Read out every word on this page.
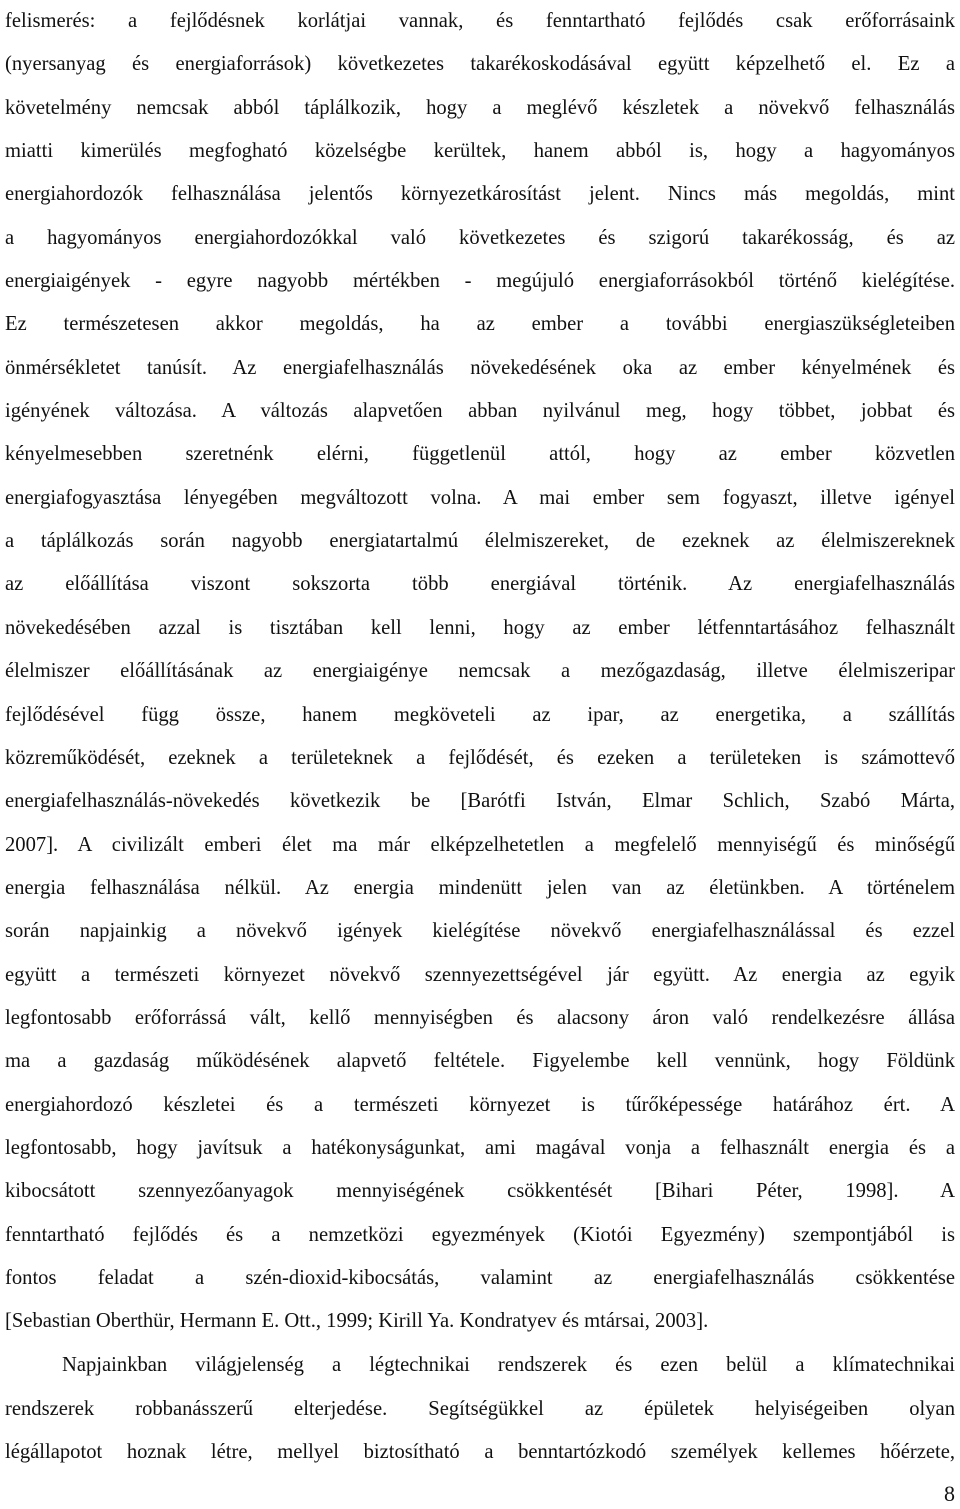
felismerés: a fejlődésnek korlátjai vannak, és fenntartható fejlődés csak erőforrásaink
(nyersanyag és energiaforrások) következetes takarékoskodásával együtt képzelhető el. Ez a
követelmény nemcsak abból táplálkozik, hogy a meglévő készletek a növekvő felhasználás
miatti kimerülés megfogható közelségbe kerültek, hanem abból is, hogy a hagyományos
energiahordozók felhasználása jelentős környezetkárosítást jelent. Nincs más megoldás, mint
a hagyományos energiahordozókkal való következetes és szigorú takarékosság, és az
energiaigények - egyre nagyobb mértékben - megújuló energiaforrásokból történő kielégítése.
Ez természetesen akkor megoldás, ha az ember a további energiaszükségleteiben
önmérsékletet tanúsít. Az energiafelhasználás növekedésének oka az ember kényelmének és
igényének változása. A változás alapvetően abban nyilvánul meg, hogy többet, jobbat és
kényelmesebben szeretnénk elérni, függetlenül attól, hogy az ember közvetlen
energiafogyasztása lényegében megváltozott volna. A mai ember sem fogyaszt, illetve igényel
a táplálkozás során nagyobb energiatartalmú élelmiszereket, de ezeknek az élelmiszereknek
az előállítása viszont sokszorta több energiával történik. Az energiafelhasználás
növekedésében azzal is tisztában kell lenni, hogy az ember létfenntartásához felhasznált
élelmiszer előállításának az energiaigénye nemcsak a mezőgazdaság, illetve élelmiszeripar
fejlődésével függ össze, hanem megköveteli az ipar, az energetika, a szállítás
közreműködését, ezeknek a területeknek a fejlődését, és ezeken a területeken is számottevő
energiafelhasználás-növekedés következik be [Barótfi István, Elmar Schlich, Szabó Márta,
2007]. A civilizált emberi élet ma már elképzelhetetlen a megfelelő mennyiségű és minőségű
energia felhasználása nélkül. Az energia mindenütt jelen van az életünkben. A történelem
során napjainkig a növekvő igények kielégítése növekvő energiafelhasználással és ezzel
együtt a természeti környezet növekvő szennyezettségével jár együtt. Az energia az egyik
legfontosabb erőforrássá vált, kellő mennyiségben és alacsony áron való rendelkezésre állása
ma a gazdaság működésének alapvető feltétele. Figyelembe kell vennünk, hogy Földünk
energiahordozó készletei és a természeti környezet is tűrőképessége határához ért. A
legfontosabb, hogy javítsuk a hatékonyságunkat, ami magával vonja a felhasznált energia és a
kibocsátott szennyezőanyagok mennyiségének csökkentését [Bihari Péter, 1998]. A
fenntartható fejlődés és a nemzetközi egyezmények (Kiotói Egyezmény) szempontjából is
fontos feladat a szén-dioxid-kibocsátás, valamint az energiafelhasználás csökkentése
[Sebastian Oberthür, Hermann E. Ott., 1999; Kirill Ya. Kondratyev és mtársai, 2003].
Napjainkban világjelenség a légtechnikai rendszerek és ezen belül a klímatechnikai
rendszerek robbanásszerű elterjedése. Segítségükkel az épületek helyiségeiben olyan
légállapotot hoznak létre, mellyel biztosítható a benntartózkodó személyek kellemes hőérzete,
8
